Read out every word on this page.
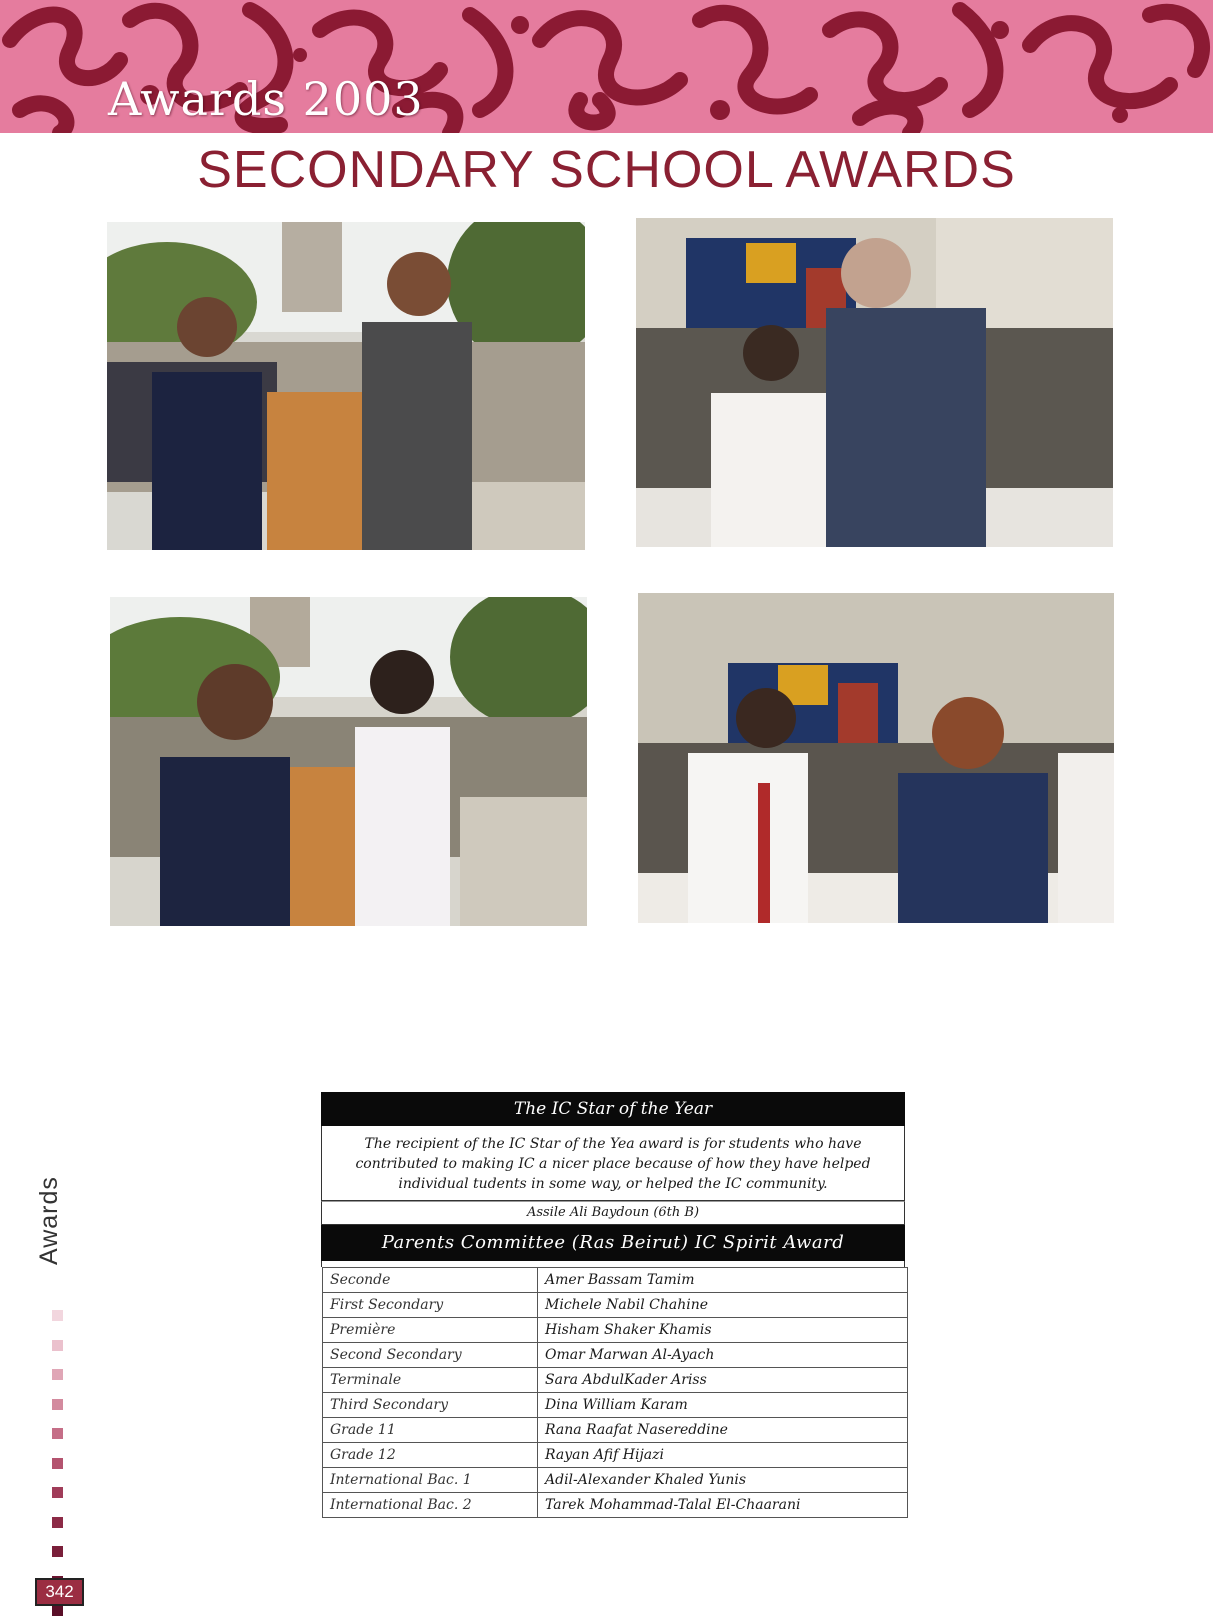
Awards 2003
SECONDARY SCHOOL AWARDS
The IC Star of the Year
The recipient of the IC Star of the Yea award is for students who have contributed to making IC a nicer place because of how they have helped individual tudents in some way, or helped the IC community.
Assile Ali Baydoun (6th B)
Parents Committee (Ras Beirut) IC Spirit Award
Seconde	Amer Bassam Tamim
First Secondary	Michele Nabil Chahine
Première	Hisham Shaker Khamis
Second Secondary	Omar Marwan Al-Ayach
Terminale	Sara AbdulKader Ariss
Third Secondary	Dina William Karam
Grade 11	Rana Raafat Nasereddine
Grade 12	Rayan Afif Hijazi
International Bac. 1	Adil-Alexander Khaled Yunis
International Bac. 2	Tarek Mohammad-Talal El-Chaarani
Awards
342
